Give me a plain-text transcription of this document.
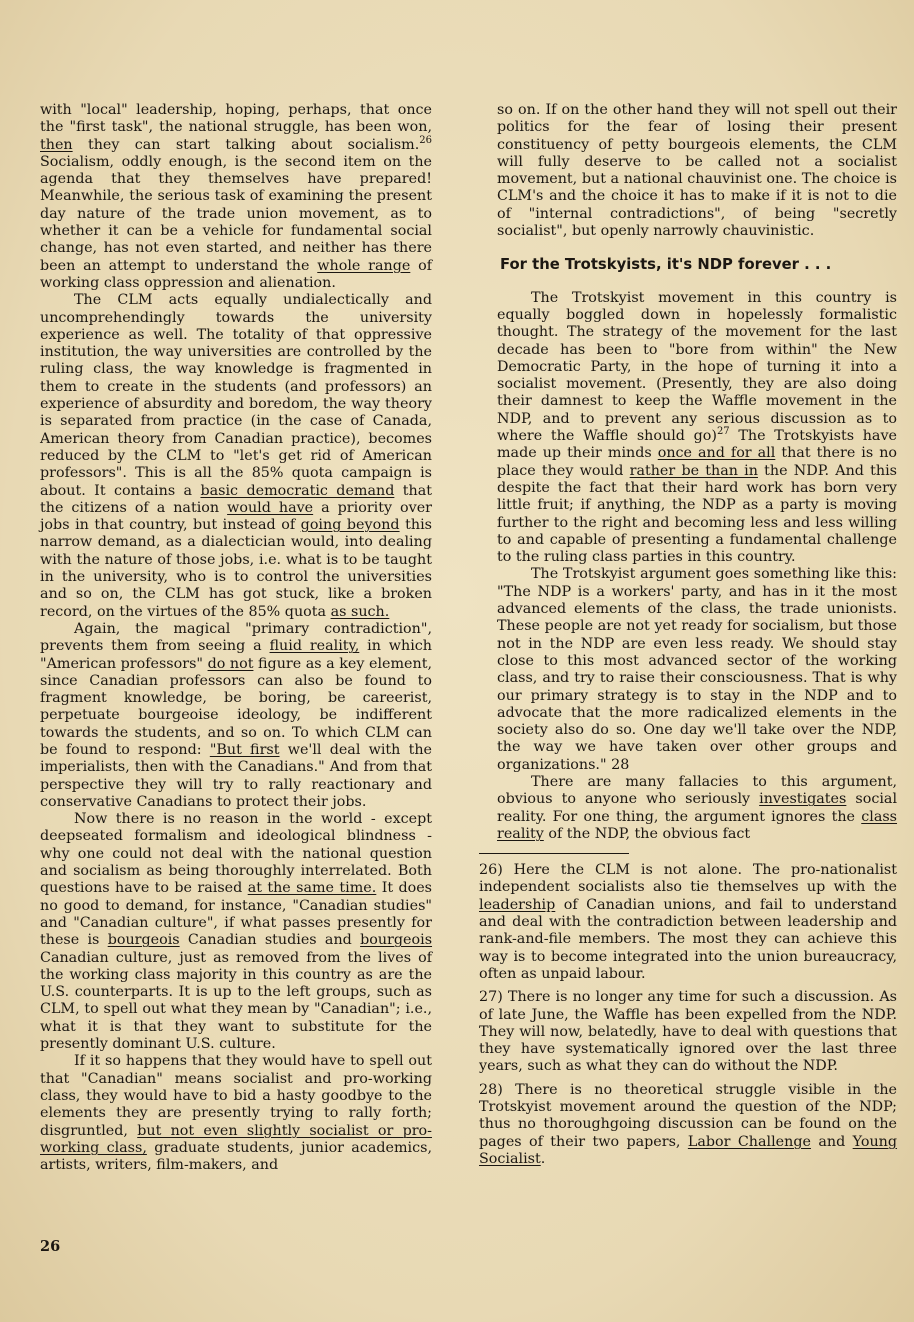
with "local" leadership, hoping, perhaps, that once the "first task", the national struggle, has been won, then they can start talking about socialism.$^{26}$ Socialism, oddly enough, is the second item on the agenda that they themselves have prepared! Meanwhile, the serious task of examining the present day nature of the trade union movement, as to whether it can be a vehicle for fundamental social change, has not even started, and neither has there been an attempt to understand the whole range of working class oppression and alienation.

The CLM acts equally undialectically and uncomprehendingly towards the university experience as well. The totality of that oppressive institution, the way universities are controlled by the ruling class, the way knowledge is fragmented in them to create in the students (and professors) an experience of absurdity and boredom, the way theory is separated from practice (in the case of Canada, American theory from Canadian practice), becomes reduced by the CLM to "let's get rid of American professors". This is all the 85% quota campaign is about. It contains a basic democratic demand that the citizens of a nation would have a priority over jobs in that country, but instead of going beyond this narrow demand, as a dialectician would, into dealing with the nature of those jobs, i.e. what is to be taught in the university, who is to control the universities and so on, the CLM has got stuck, like a broken record, on the virtues of the 85% quota as such.

Again, the magical "primary contradiction", prevents them from seeing a fluid reality, in which "American professors" do not figure as a key element, since Canadian professors can also be found to fragment knowledge, be boring, be careerist, perpetuate bourgeoise ideology, be indifferent towards the students, and so on. To which CLM can be found to respond: "But first we'll deal with the imperialists, then with the Canadians." And from that perspective they will try to rally reactionary and conservative Canadians to protect their jobs.

Now there is no reason in the world - except deepseated formalism and ideological blindness - why one could not deal with the national question and socialism as being thoroughly interrelated. Both questions have to be raised at the same time. It does no good to demand, for instance, "Canadian studies" and "Canadian culture", if what passes presently for these is bourgeois Canadian studies and bourgeois Canadian culture, just as removed from the lives of the working class majority in this country as are the U.S. counterparts. It is up to the left groups, such as CLM, to spell out what they mean by "Canadian"; i.e., what it is that they want to substitute for the presently dominant U.S. culture.

If it so happens that they would have to spell out that "Canadian" means socialist and pro-working class, they would have to bid a hasty goodbye to the elements they are presently trying to rally forth; disgruntled, but not even slightly socialist or pro-working class, graduate students, junior academics, artists, writers, film-makers, and

so on. If on the other hand they will not spell out their politics for the fear of losing their present constituency of petty bourgeois elements, the CLM will fully deserve to be called not a socialist movement, but a national chauvinist one. The choice is CLM's and the choice it has to make if it is not to die of "internal contradictions", of being "secretly socialist", but openly narrowly chauvinistic.

For the Trotskyists, it's NDP forever . . .

The Trotskyist movement in this country is equally boggled down in hopelessly formalistic thought. The strategy of the movement for the last decade has been to "bore from within" the New Democratic Party, in the hope of turning it into a socialist movement. (Presently, they are also doing their damnest to keep the Waffle movement in the NDP, and to prevent any serious discussion as to where the Waffle should go)$^{27}$ The Trotskyists have made up their minds once and for all that there is no place they would rather be than in the NDP. And this despite the fact that their hard work has born very little fruit; if anything, the NDP as a party is moving further to the right and becoming less and less willing to and capable of presenting a fundamental challenge to the ruling class parties in this country.

The Trotskyist argument goes something like this: "The NDP is a workers' party, and has in it the most advanced elements of the class, the trade unionists. These people are not yet ready for socialism, but those not in the NDP are even less ready. We should stay close to this most advanced sector of the working class, and try to raise their consciousness. That is why our primary strategy is to stay in the NDP and to advocate that the more radicalized elements in the society also do so. One day we'll take over the NDP, the way we have taken over other groups and organizations." 28

There are many fallacies to this argument, obvious to anyone who seriously investigates social reality. For one thing, the argument ignores the class reality of the NDP, the obvious fact

26) Here the CLM is not alone. The pro-nationalist independent socialists also tie themselves up with the leadership of Canadian unions, and fail to understand and deal with the contradiction between leadership and rank-and-file members. The most they can achieve this way is to become integrated into the union bureaucracy, often as unpaid labour.

27) There is no longer any time for such a discussion. As of late June, the Waffle has been expelled from the NDP. They will now, belatedly, have to deal with questions that they have systematically ignored over the last three years, such as what they can do without the NDP.

28) There is no theoretical struggle visible in the Trotskyist movement around the question of the NDP; thus no thoroughgoing discussion can be found on the pages of their two papers, Labor Challenge and Young Socialist.

26
